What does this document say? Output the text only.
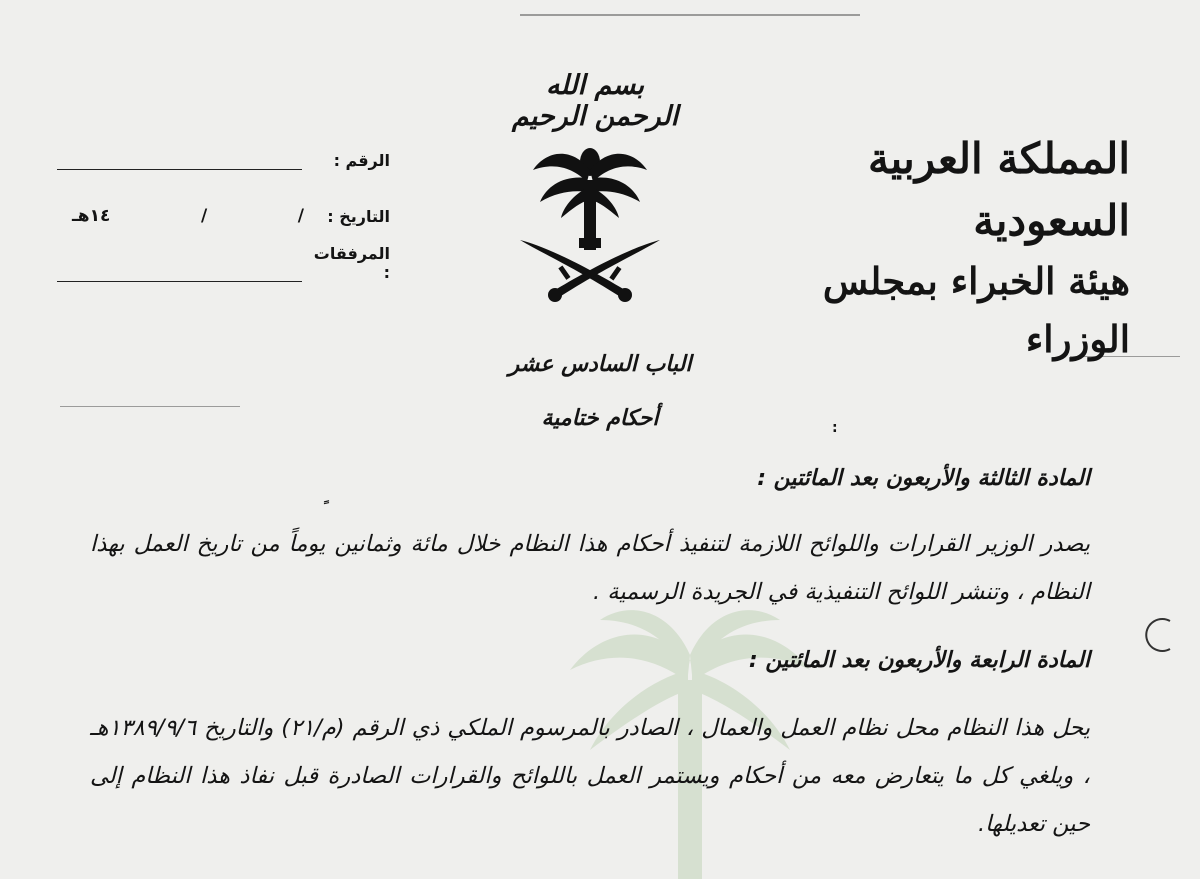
:
بسم الله الرحمن الرحيم
المملكة العربية السعودية
هيئة الخبراء بمجلس الوزراء
الرقم :
التاريخ :
/
/
١٤هـ
المرفقات :
الباب السادس عشر
أحكام ختامية
المادة الثالثة والأربعون بعد المائتين :
يصدر الوزير القرارات واللوائح اللازمة لتنفيذ أحكام هذا النظام خلال مائة وثمانين يوماً من تاريخ العمل بهذا النظام ، وتنشر اللوائح التنفيذية في الجريدة الرسمية .
المادة الرابعة والأربعون بعد المائتين :
يحل هذا النظام محل نظام العمل والعمال ، الصادر بالمرسوم الملكي ذي الرقم (م/٢١) والتاريخ ١٣٨٩/٩/٦هـ ، ويلغي كل ما يتعارض معه من أحكام ويستمر العمل باللوائح والقرارات الصادرة قبل نفاذ هذا النظام إلى حين تعديلها.
